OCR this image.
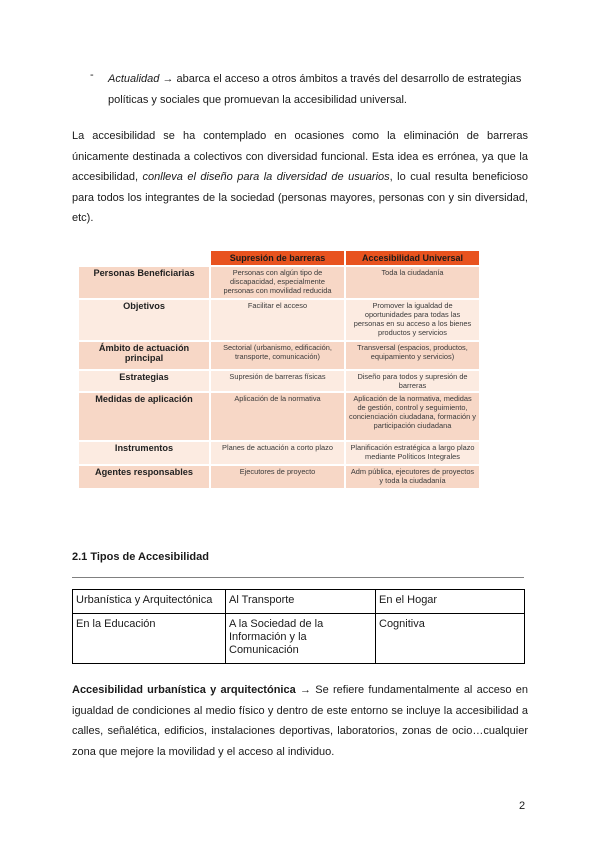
- Actualidad → abarca el acceso a otros ámbitos a través del desarrollo de estrategias políticas y sociales que promuevan la accesibilidad universal.
La accesibilidad se ha contemplado en ocasiones como la eliminación de barreras únicamente destinada a colectivos con diversidad funcional. Esta idea es errónea, ya que la accesibilidad, conlleva el diseño para la diversidad de usuarios, lo cual resulta beneficioso para todos los integrantes de la sociedad (personas mayores, personas con y sin diversidad, etc).
	Supresión de barreras	Accesibilidad Universal
Personas Beneficiarias	Personas con algún tipo de discapacidad, especialmente personas con movilidad reducida	Toda la ciudadanía
Objetivos	Facilitar el acceso	Promover la igualdad de oportunidades para todas las personas en su acceso a los bienes productos y servicios
Ámbito de actuación principal	Sectorial (urbanismo, edificación, transporte, comunicación)	Transversal (espacios, productos, equipamiento y servicios)
Estrategias	Supresión de barreras físicas	Diseño para todos y supresión de barreras
Medidas de aplicación	Aplicación de la normativa	Aplicación de la normativa, medidas de gestión, control y seguimiento, concienciación ciudadana, formación y participación ciudadana
Instrumentos	Planes de actuación a corto plazo	Planificación estratégica a largo plazo mediante Políticos Integrales
Agentes responsables	Ejecutores de proyecto	Adm pública, ejecutores de proyectos y toda la ciudadanía
2.1 Tipos de Accesibilidad
Urbanística y Arquitectónica	Al Transporte	En el Hogar
En la Educación	A la Sociedad de la Información y la Comunicación	Cognitiva
Accesibilidad urbanística y arquitectónica → Se refiere fundamentalmente al acceso en igualdad de condiciones al medio físico y dentro de este entorno se incluye la accesibilidad a calles, señalética, edificios, instalaciones deportivas, laboratorios, zonas de ocio…cualquier zona que mejore la movilidad y el acceso al individuo.
2
